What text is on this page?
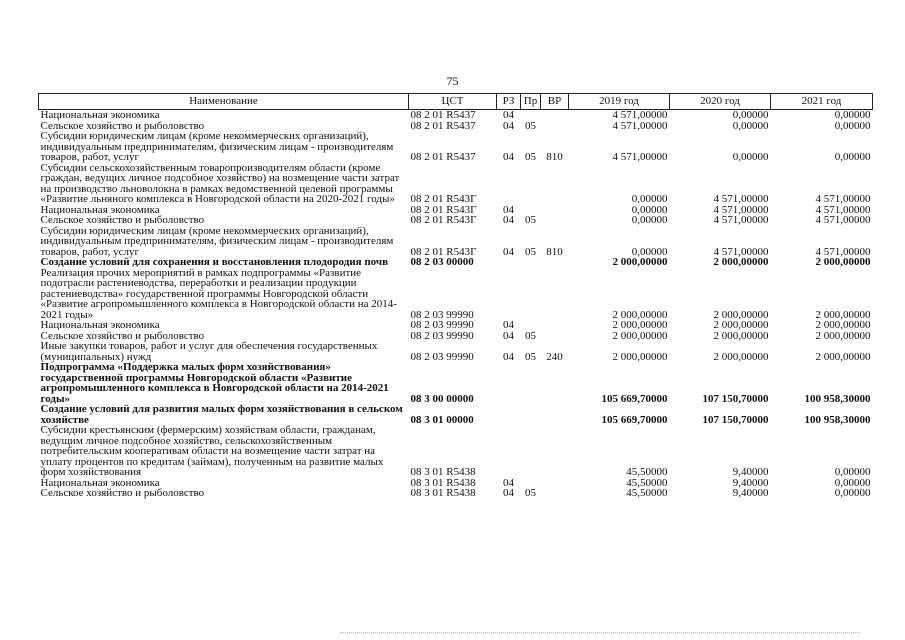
75
Наименование	ЦСТ	РЗ	Пр	ВР	2019 год	2020 год	2021 год
Национальная экономика	08 2 01 R5437	04			4 571,00000	0,00000	0,00000
Сельское хозяйство и рыболовство	08 2 01 R5437	04	05		4 571,00000	0,00000	0,00000
Субсидии юридическим лицам (кроме некоммерческих организаций), индивидуальным предпринимателям, физическим лицам - производителям товаров, работ, услуг	08 2 01 R5437	04	05	810	4 571,00000	0,00000	0,00000
Субсидии сельскохозяйственным товаропроизводителям области (кроме граждан, ведущих личное подсобное хозяйство) на возмещение части затрат на производство льноволокна в рамках ведомственной целевой программы «Развитие льняного комплекса в Новгородской области на 2020-2021 годы»	08 2 01 R543Г				0,00000	4 571,00000	4 571,00000
Национальная экономика	08 2 01 R543Г	04			0,00000	4 571,00000	4 571,00000
Сельское хозяйство и рыболовство	08 2 01 R543Г	04	05		0,00000	4 571,00000	4 571,00000
Субсидии юридическим лицам (кроме некоммерческих организаций), индивидуальным предпринимателям, физическим лицам - производителям товаров, работ, услуг	08 2 01 R543Г	04	05	810	0,00000	4 571,00000	4 571,00000
Создание условий для сохранения и восстановления плодородия почв	08 2 03 00000				2 000,00000	2 000,00000	2 000,00000
Реализация прочих мероприятий в рамках подпрограммы «Развитие подотрасли растениеводства, переработки и реализации продукции растениеводства» государственной программы Новгородской области «Развитие агропромышленного комплекса в Новгородской области на 2014-2021 годы»	08 2 03 99990				2 000,00000	2 000,00000	2 000,00000
Национальная экономика	08 2 03 99990	04			2 000,00000	2 000,00000	2 000,00000
Сельское хозяйство и рыболовство	08 2 03 99990	04	05		2 000,00000	2 000,00000	2 000,00000
Иные закупки товаров, работ и услуг для обеспечения государственных (муниципальных) нужд	08 2 03 99990	04	05	240	2 000,00000	2 000,00000	2 000,00000
Подпрограмма «Поддержка малых форм хозяйствования» государственной программы Новгородской области «Развитие агропромышленного комплекса в Новгородской области на 2014-2021 годы»	08 3 00 00000				105 669,70000	107 150,70000	100 958,30000
Создание условий для развития малых форм хозяйствования в сельском хозяйстве	08 3 01 00000				105 669,70000	107 150,70000	100 958,30000
Субсидии крестьянским (фермерским) хозяйствам области, гражданам, ведущим личное подсобное хозяйство, сельскохозяйственным потребительским кооперативам области на возмещение части затрат на уплату процентов по кредитам (займам), полученным на развитие малых форм хозяйствования	08 3 01 R5438				45,50000	9,40000	0,00000
Национальная экономика	08 3 01 R5438	04			45,50000	9,40000	0,00000
Сельское хозяйство и рыболовство	08 3 01 R5438	04	05		45,50000	9,40000	0,00000
